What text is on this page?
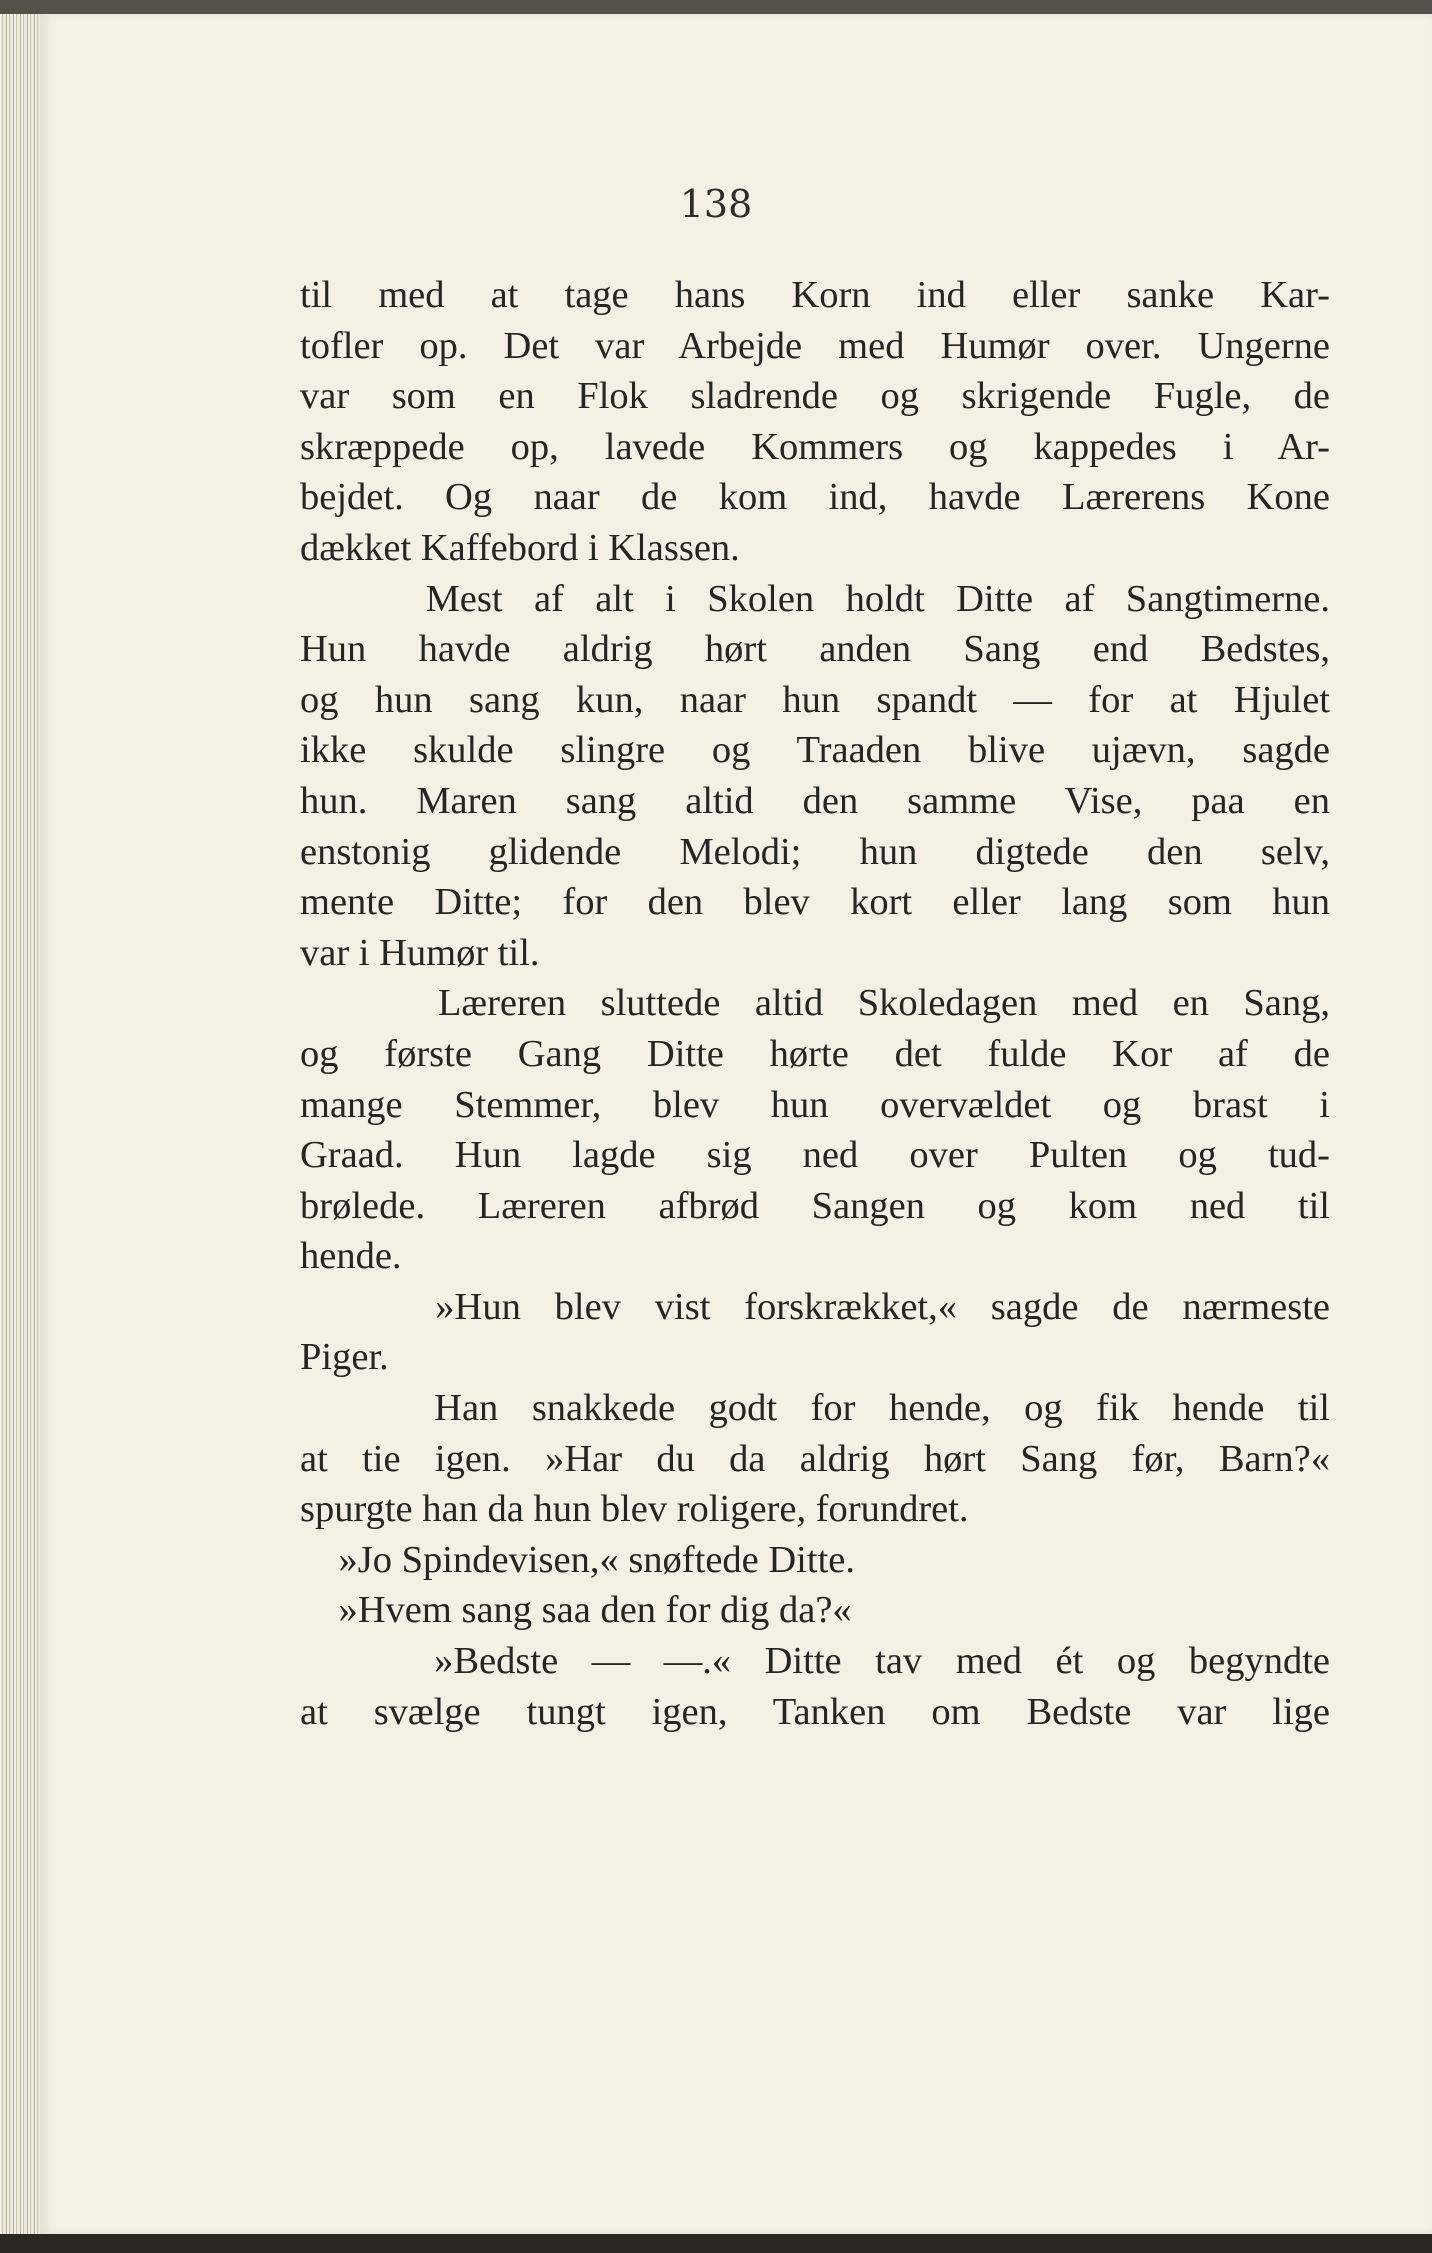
138

til med at tage hans Korn ind eller sanke Kar-
tofler op. Det var Arbejde med Humør over. Ungerne
var som en Flok sladrende og skrigende Fugle, de
skræppede op, lavede Kommers og kappedes i Ar-
bejdet. Og naar de kom ind, havde Lærerens Kone
dækket Kaffebord i Klassen.
Mest af alt i Skolen holdt Ditte af Sangtimerne.
Hun havde aldrig hørt anden Sang end Bedstes,
og hun sang kun, naar hun spandt — for at Hjulet
ikke skulde slingre og Traaden blive ujævn, sagde
hun. Maren sang altid den samme Vise, paa en
enstonig glidende Melodi; hun digtede den selv,
mente Ditte; for den blev kort eller lang som hun
var i Humør til.
Læreren sluttede altid Skoledagen med en Sang,
og første Gang Ditte hørte det fulde Kor af de
mange Stemmer, blev hun overvældet og brast i
Graad. Hun lagde sig ned over Pulten og tud-
brølede. Læreren afbrød Sangen og kom ned til
hende.
»Hun blev vist forskrækket,« sagde de nærmeste
Piger.
Han snakkede godt for hende, og fik hende til
at tie igen. »Har du da aldrig hørt Sang før, Barn?«
spurgte han da hun blev roligere, forundret.
»Jo Spindevisen,« snøftede Ditte.
»Hvem sang saa den for dig da?«
»Bedste — —.« Ditte tav med ét og begyndte
at svælge tungt igen, Tanken om Bedste var lige
